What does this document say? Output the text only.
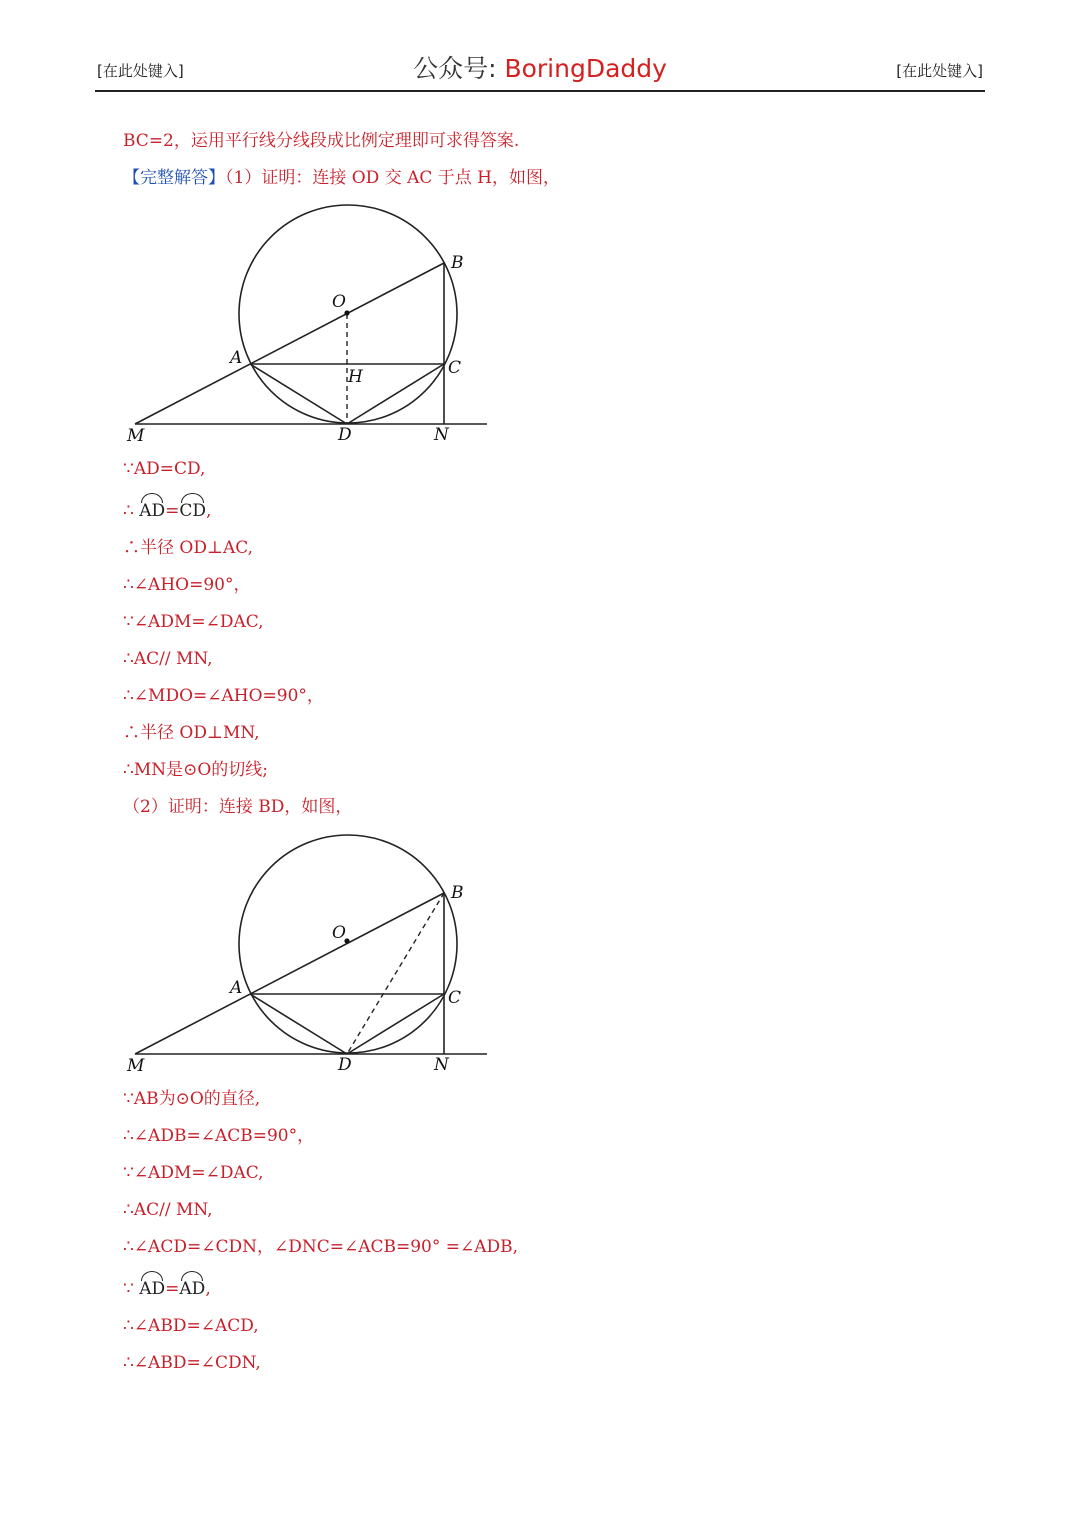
[在此处键入]	公众号: BoringDaddy	[在此处键入]
BC=2，运用平行线分线段成比例定理即可求得答案.
【完整解答】（1）证明：连接 OD 交 AC 于点 H，如图，
O
B
A	C
H
M	D	N
∵AD=CD,
∴ AD=CD,
∴半径 OD⊥AC,
∴∠AHO=90°，
∵∠ADM=∠DAC,
∴AC// MN,
∴∠MDO=∠AHO=90°，
∴半径 OD⊥MN,
∴MN是⊙O的切线;
（2）证明：连接 BD，如图，
O
B
A	C
M	D	N
∵AB为⊙O的直径,
∴∠ADB=∠ACB=90°，
∵∠ADM=∠DAC,
∴AC// MN,
∴∠ACD=∠CDN，∠DNC=∠ACB=90° =∠ADB,
∵ AD=AD,
∴∠ABD=∠ACD,
∴∠ABD=∠CDN,
